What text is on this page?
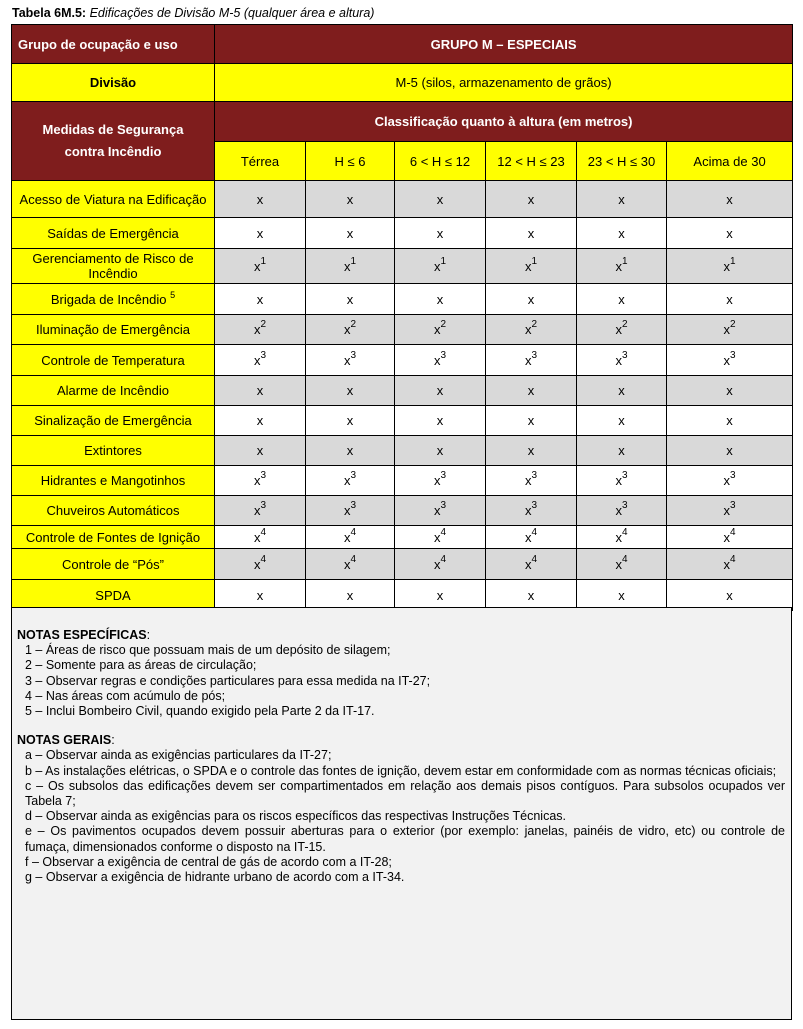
Tabela 6M.5: Edificações de Divisão M-5 (qualquer área e altura)
Grupo de ocupação e uso	GRUPO M – ESPECIAIS					
Divisão	M-5 (silos, armazenamento de grãos)					
Medidas de Segurança
contra Incêndio	Classificação quanto à altura (em metros)					
	Térrea	H ≤ 6	6 < H ≤ 12	12 < H ≤ 23	23 < H ≤ 30	Acima de 30
Acesso de Viatura na Edificação	x	x	x	x	x	x
Saídas de Emergência	x	x	x	x	x	x
Gerenciamento de Risco de Incêndio	$x^1$	$x^1$	$x^1$	$x^1$	$x^1$	$x^1$
Brigada de Incêndio $^5$	x	x	x	x	x	x
Iluminação de Emergência	$x^2$	$x^2$	$x^2$	$x^2$	$x^2$	$x^2$
Controle de Temperatura	$x^3$	$x^3$	$x^3$	$x^3$	$x^3$	$x^3$
Alarme de Incêndio	x	x	x	x	x	x
Sinalização de Emergência	x	x	x	x	x	x
Extintores	x	x	x	x	x	x
Hidrantes e Mangotinhos	$x^3$	$x^3$	$x^3$	$x^3$	$x^3$	$x^3$
Chuveiros Automáticos	$x^3$	$x^3$	$x^3$	$x^3$	$x^3$	$x^3$
Controle de Fontes de Ignição	$x^4$	$x^4$	$x^4$	$x^4$	$x^4$	$x^4$
Controle de “Pós”	$x^4$	$x^4$	$x^4$	$x^4$	$x^4$	$x^4$
SPDA	x	x	x	x	x	x
NOTAS ESPECÍFICAS:
1 – Áreas de risco que possuam mais de um depósito de silagem;
2 – Somente para as áreas de circulação;
3 – Observar regras e condições particulares para essa medida na IT-27;
4 – Nas áreas com acúmulo de pós;
5 – Inclui Bombeiro Civil, quando exigido pela Parte 2 da IT-17.
NOTAS GERAIS:
a – Observar ainda as exigências particulares da IT-27;
b – As instalações elétricas, o SPDA e o controle das fontes de ignição, devem estar em conformidade com as normas técnicas oficiais;
c – Os subsolos das edificações devem ser compartimentados em relação aos demais pisos contíguos. Para subsolos ocupados ver Tabela 7;
d – Observar ainda as exigências para os riscos específicos das respectivas Instruções Técnicas.
e – Os pavimentos ocupados devem possuir aberturas para o exterior (por exemplo: janelas, painéis de vidro, etc) ou controle de fumaça, dimensionados conforme o disposto na IT-15.
f – Observar a exigência de central de gás de acordo com a IT-28;
g – Observar a exigência de hidrante urbano de acordo com a IT-34.
